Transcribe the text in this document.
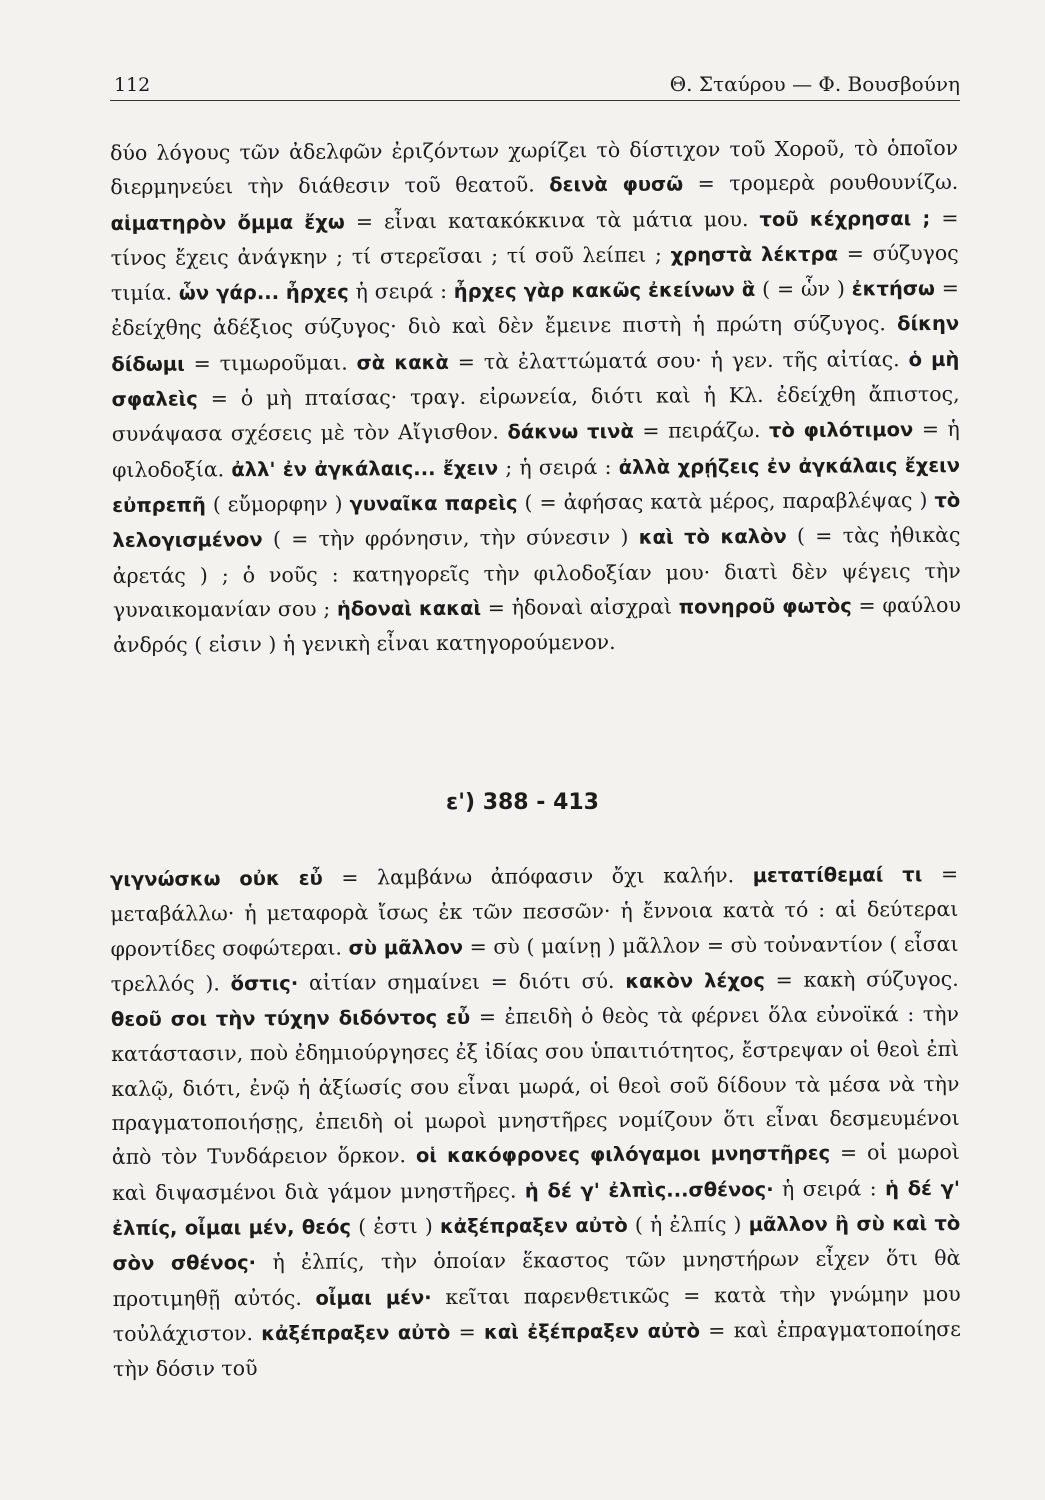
112	Θ. Σταύρου — Φ. Βουσβούνη

δύο λόγους τῶν ἀδελφῶν ἐριζόντων χωρίζει τὸ δίστιχον τοῦ Χοροῦ, τὸ ὁποῖον διερμηνεύει τὴν διάθεσιν τοῦ θεατοῦ. δεινὰ φυσῶ = τρομερὰ ρουθουνίζω. αἱματηρὸν ὄμμα ἔχω = εἶναι κατακόκκινα τὰ μάτια μου. τοῦ κέχρησαι ; = τίνος ἔχεις ἀνάγκην ; τί στερεῖσαι ; τί σοῦ λείπει ; χρηστὰ λέκτρα = σύζυγος τιμία. ὧν γάρ... ἦρχες ἡ σειρά : ἦρχες γὰρ κακῶς ἐκείνων ἃ ( = ὧν ) ἐκτήσω = ἐδείχθης ἀδέξιος σύζυγος· διὸ καὶ δὲν ἔμεινε πιστὴ ἡ πρώτη σύζυγος. δίκην δίδωμι = τιμωροῦμαι. σὰ κακὰ = τὰ ἐλαττώματά σου· ἡ γεν. τῆς αἰτίας. ὁ μὴ σφαλεὶς = ὁ μὴ πταίσας· τραγ. εἰρωνεία, διότι καὶ ἡ Κλ. ἐδείχθη ἄπιστος, συνάψασα σχέσεις μὲ τὸν Αἴγισθον. δάκνω τινὰ = πειράζω. τὸ φιλότιμον = ἡ φιλοδοξία. ἀλλ' ἐν ἀγκάλαις... ἔχειν ; ἡ σειρά : ἀλλὰ χρῄζεις ἐν ἀγκάλαις ἔχειν εὐπρεπῆ ( εὔμορφην ) γυναῖκα παρεὶς ( = ἀφήσας κατὰ μέρος, παραβλέψας ) τὸ λελογισμένον ( = τὴν φρόνησιν, τὴν σύνεσιν ) καὶ τὸ καλὸν ( = τὰς ἠθικὰς ἀρετάς ) ; ὁ νοῦς : κατηγορεῖς τὴν φιλοδοξίαν μου· διατὶ δὲν ψέγεις τὴν γυναικομανίαν σου ; ἡδοναὶ κακαὶ = ἡδοναὶ αἰσχραὶ πονηροῦ φωτὸς = φαύλου ἀνδρός ( εἰσιν ) ἡ γενικὴ εἶναι κατηγορούμενον.

ε') 388 - 413

γιγνώσκω οὐκ εὖ = λαμβάνω ἀπόφασιν ὄχι καλήν. μετατίθεμαί τι = μεταβάλλω· ἡ μεταφορὰ ἴσως ἐκ τῶν πεσσῶν· ἡ ἔννοια κατὰ τό : αἱ δεύτεραι φροντίδες σοφώτεραι. σὺ μᾶλλον = σὺ ( μαίνῃ ) μᾶλλον = σὺ τοὐναντίον ( εἶσαι τρελλός ). ὅστις· αἰτίαν σημαίνει = διότι σύ. κακὸν λέχος = κακὴ σύζυγος. θεοῦ σοι τὴν τύχην διδόντος εὖ = ἐπειδὴ ὁ θεὸς τὰ φέρνει ὅλα εὐνοϊκά : τὴν κατάστασιν, ποὺ ἐδημιούργησες ἐξ ἰδίας σου ὑπαιτιότητος, ἔστρεψαν οἱ θεοὶ ἐπὶ καλῷ, διότι, ἐνῷ ἡ ἀξίωσίς σου εἶναι μωρά, οἱ θεοὶ σοῦ δίδουν τὰ μέσα νὰ τὴν πραγματοποιήσῃς, ἐπειδὴ οἱ μωροὶ μνηστῆρες νομίζουν ὅτι εἶναι δεσμευμένοι ἀπὸ τὸν Τυνδάρειον ὅρκον. οἱ κακόφρονες φιλόγαμοι μνηστῆρες = οἱ μωροὶ καὶ διψασμένοι διὰ γάμον μνηστῆρες. ἡ δέ γ' ἐλπὶς...σθένος· ἡ σειρά : ἡ δέ γ' ἐλπίς, οἶμαι μέν, θεός ( ἐστι ) κἀξέπραξεν αὐτὸ ( ἡ ἐλπίς ) μᾶλλον ἢ σὺ καὶ τὸ σὸν σθένος· ἡ ἐλπίς, τὴν ὁποίαν ἕκαστος τῶν μνηστήρων εἶχεν ὅτι θὰ προτιμηθῇ αὐτός. οἶμαι μέν· κεῖται παρενθετικῶς = κατὰ τὴν γνώμην μου τοὐλάχιστον. κἀξέπραξεν αὐτὸ = καὶ ἐξέπραξεν αὐτὸ = καὶ ἐπραγματοποίησε τὴν δόσιν τοῦ
